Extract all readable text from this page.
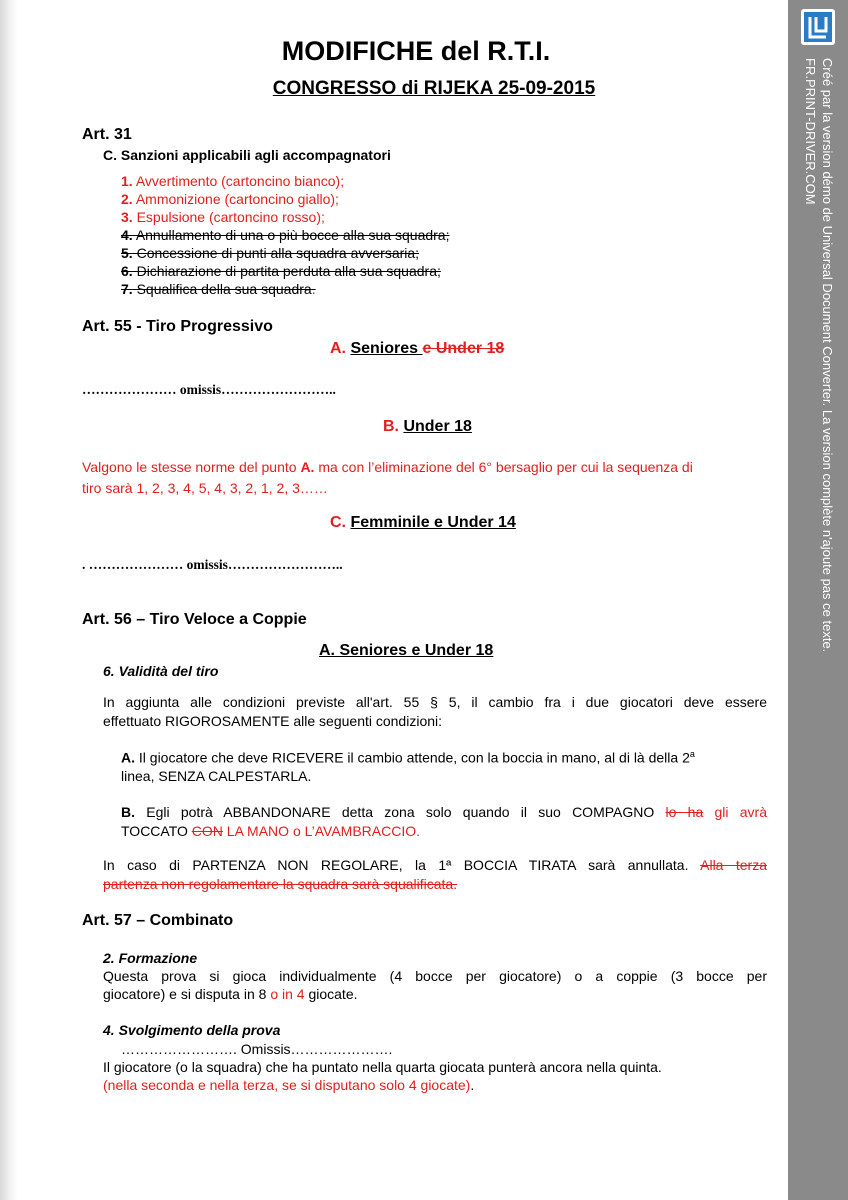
MODIFICHE del R.T.I.
CONGRESSO di RIJEKA 25-09-2015
Art. 31
C. Sanzioni applicabili agli accompagnatori
1. Avvertimento (cartoncino bianco);
2. Ammonizione (cartoncino giallo);
3. Espulsione (cartoncino rosso);
4. Annullamento di una o più bocce alla sua squadra;
5. Concessione di punti alla squadra avversaria;
6. Dichiarazione di partita perduta alla sua squadra;
7. Squalifica della sua squadra.
Art. 55 - Tiro Progressivo
A. Seniores e Under 18
………………… omissis……………………..
B. Under 18
Valgono le stesse norme del punto A. ma con l’eliminazione del 6° bersaglio per cui la sequenza di
tiro sarà 1, 2, 3, 4, 5, 4, 3, 2, 1, 2, 3……
C. Femminile e Under 14
. ………………… omissis……………………..
Art. 56 – Tiro Veloce a Coppie
A. Seniores e Under 18
6. Validità del tiro
In aggiunta alle condizioni previste all'art. 55 § 5, il cambio fra i due giocatori deve essere
effettuato RIGOROSAMENTE alle seguenti condizioni:
A. Il giocatore che deve RICEVERE il cambio attende, con la boccia in mano, al di là della 2$^a$
linea, SENZA CALPESTARLA.
B. Egli potrà ABBANDONARE detta zona solo quando il suo COMPAGNO lo ha gli avrà
TOCCATO CON LA MANO o L’AVAMBRACCIO.
In caso di PARTENZA NON REGOLARE, la 1ª BOCCIA TIRATA sarà annullata. Alla terza
partenza non regolamentare la squadra sarà squalificata.
Art. 57 – Combinato
2. Formazione
Questa prova si gioca individualmente (4 bocce per giocatore) o a coppie (3 bocce per
giocatore) e si disputa in 8 o in 4 giocate.
4. Svolgimento della prova
……………………. Omissis………………….
Il giocatore (o la squadra) che ha puntato nella quarta giocata punterà ancora nella quinta.
(nella seconda e nella terza, se si disputano solo 4 giocate).
Créé par la version démo de Universal Document Converter. La version complète n'ajoute pas ce texte.
FR.PRINT-DRIVER.COM
